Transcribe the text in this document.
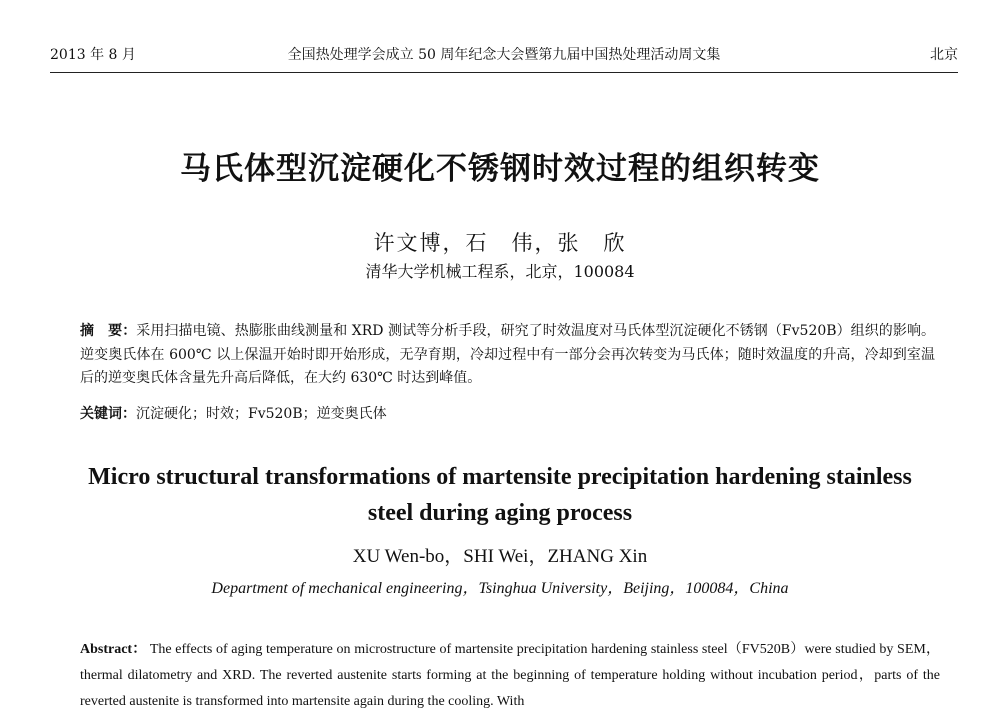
2013 年 8 月	全国热处理学会成立 50 周年纪念大会暨第九届中国热处理活动周文集	北京
马氏体型沉淀硬化不锈钢时效过程的组织转变
许文博，石　伟，张　欣
清华大学机械工程系，北京，100084
摘　要：采用扫描电镜、热膨胀曲线测量和 XRD 测试等分析手段，研究了时效温度对马氏体型沉淀硬化不锈钢（Fv520B）组织的影响。逆变奥氏体在 600℃ 以上保温开始时即开始形成，无孕育期，冷却过程中有一部分会再次转变为马氏体；随时效温度的升高，冷却到室温后的逆变奥氏体含量先升高后降低，在大约 630℃ 时达到峰值。
关键词：沉淀硬化；时效；Fv520B；逆变奥氏体
Micro structural transformations of martensite precipitation hardening stainless steel during aging process
XU Wen-bo，SHI Wei，ZHANG Xin
Department of mechanical engineering，Tsinghua University，Beijing，100084，China
Abstract： The effects of aging temperature on microstructure of martensite precipitation hardening stainless steel（FV520B）were studied by SEM，thermal dilatometry and XRD. The reverted austenite starts forming at the beginning of temperature holding without incubation period，parts of the reverted austenite is transformed into martensite again during the cooling. With
